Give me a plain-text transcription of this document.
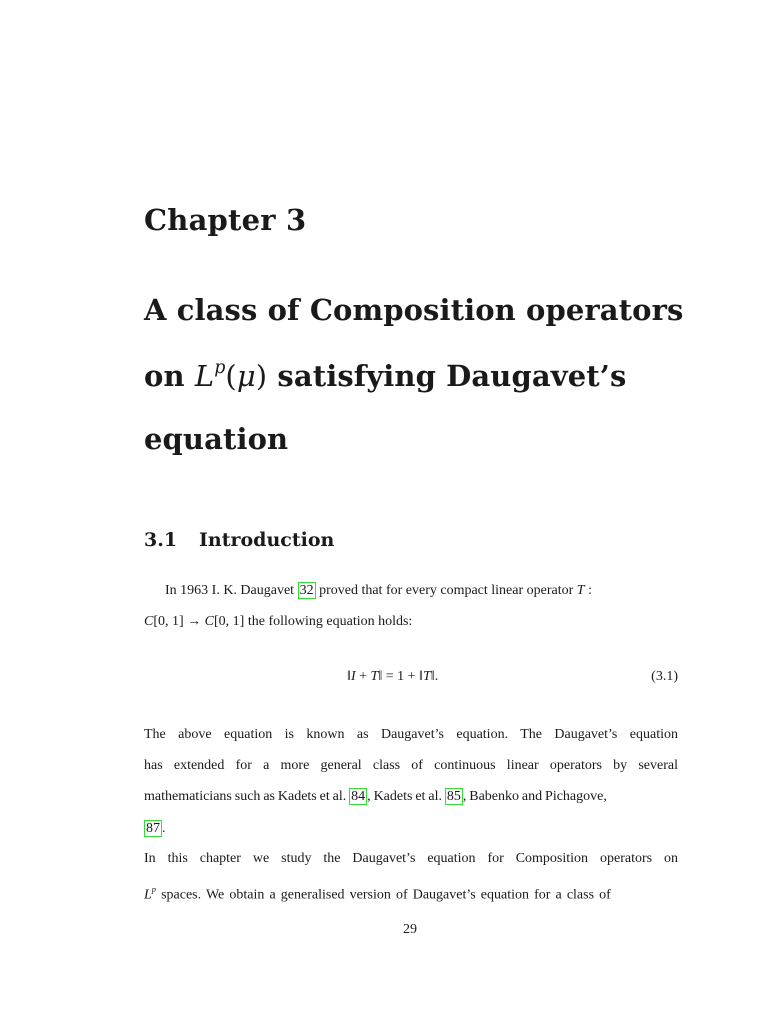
Chapter 3
A class of Composition operators
on $L^p(\mu)$ satisfying Daugavet’s
equation
3.1 Introduction
In 1963 I. K. Daugavet 32 proved that for every compact linear operator T :
C[0, 1] → C[0, 1] the following equation holds:
‖I + T‖ = 1 + ‖T‖.	(3.1)
The above equation is known as Daugavet’s equation. The Daugavet’s equation
has extended for a more general class of continuous linear operators by several
mathematicians such as Kadets et al. 84 , Kadets et al. 85 , Babenko and Pichagove,
87 .
In this chapter we study the Daugavet’s equation for Composition operators on
$L^p$ spaces. We obtain a generalised version of Daugavet’s equation for a class of
29
